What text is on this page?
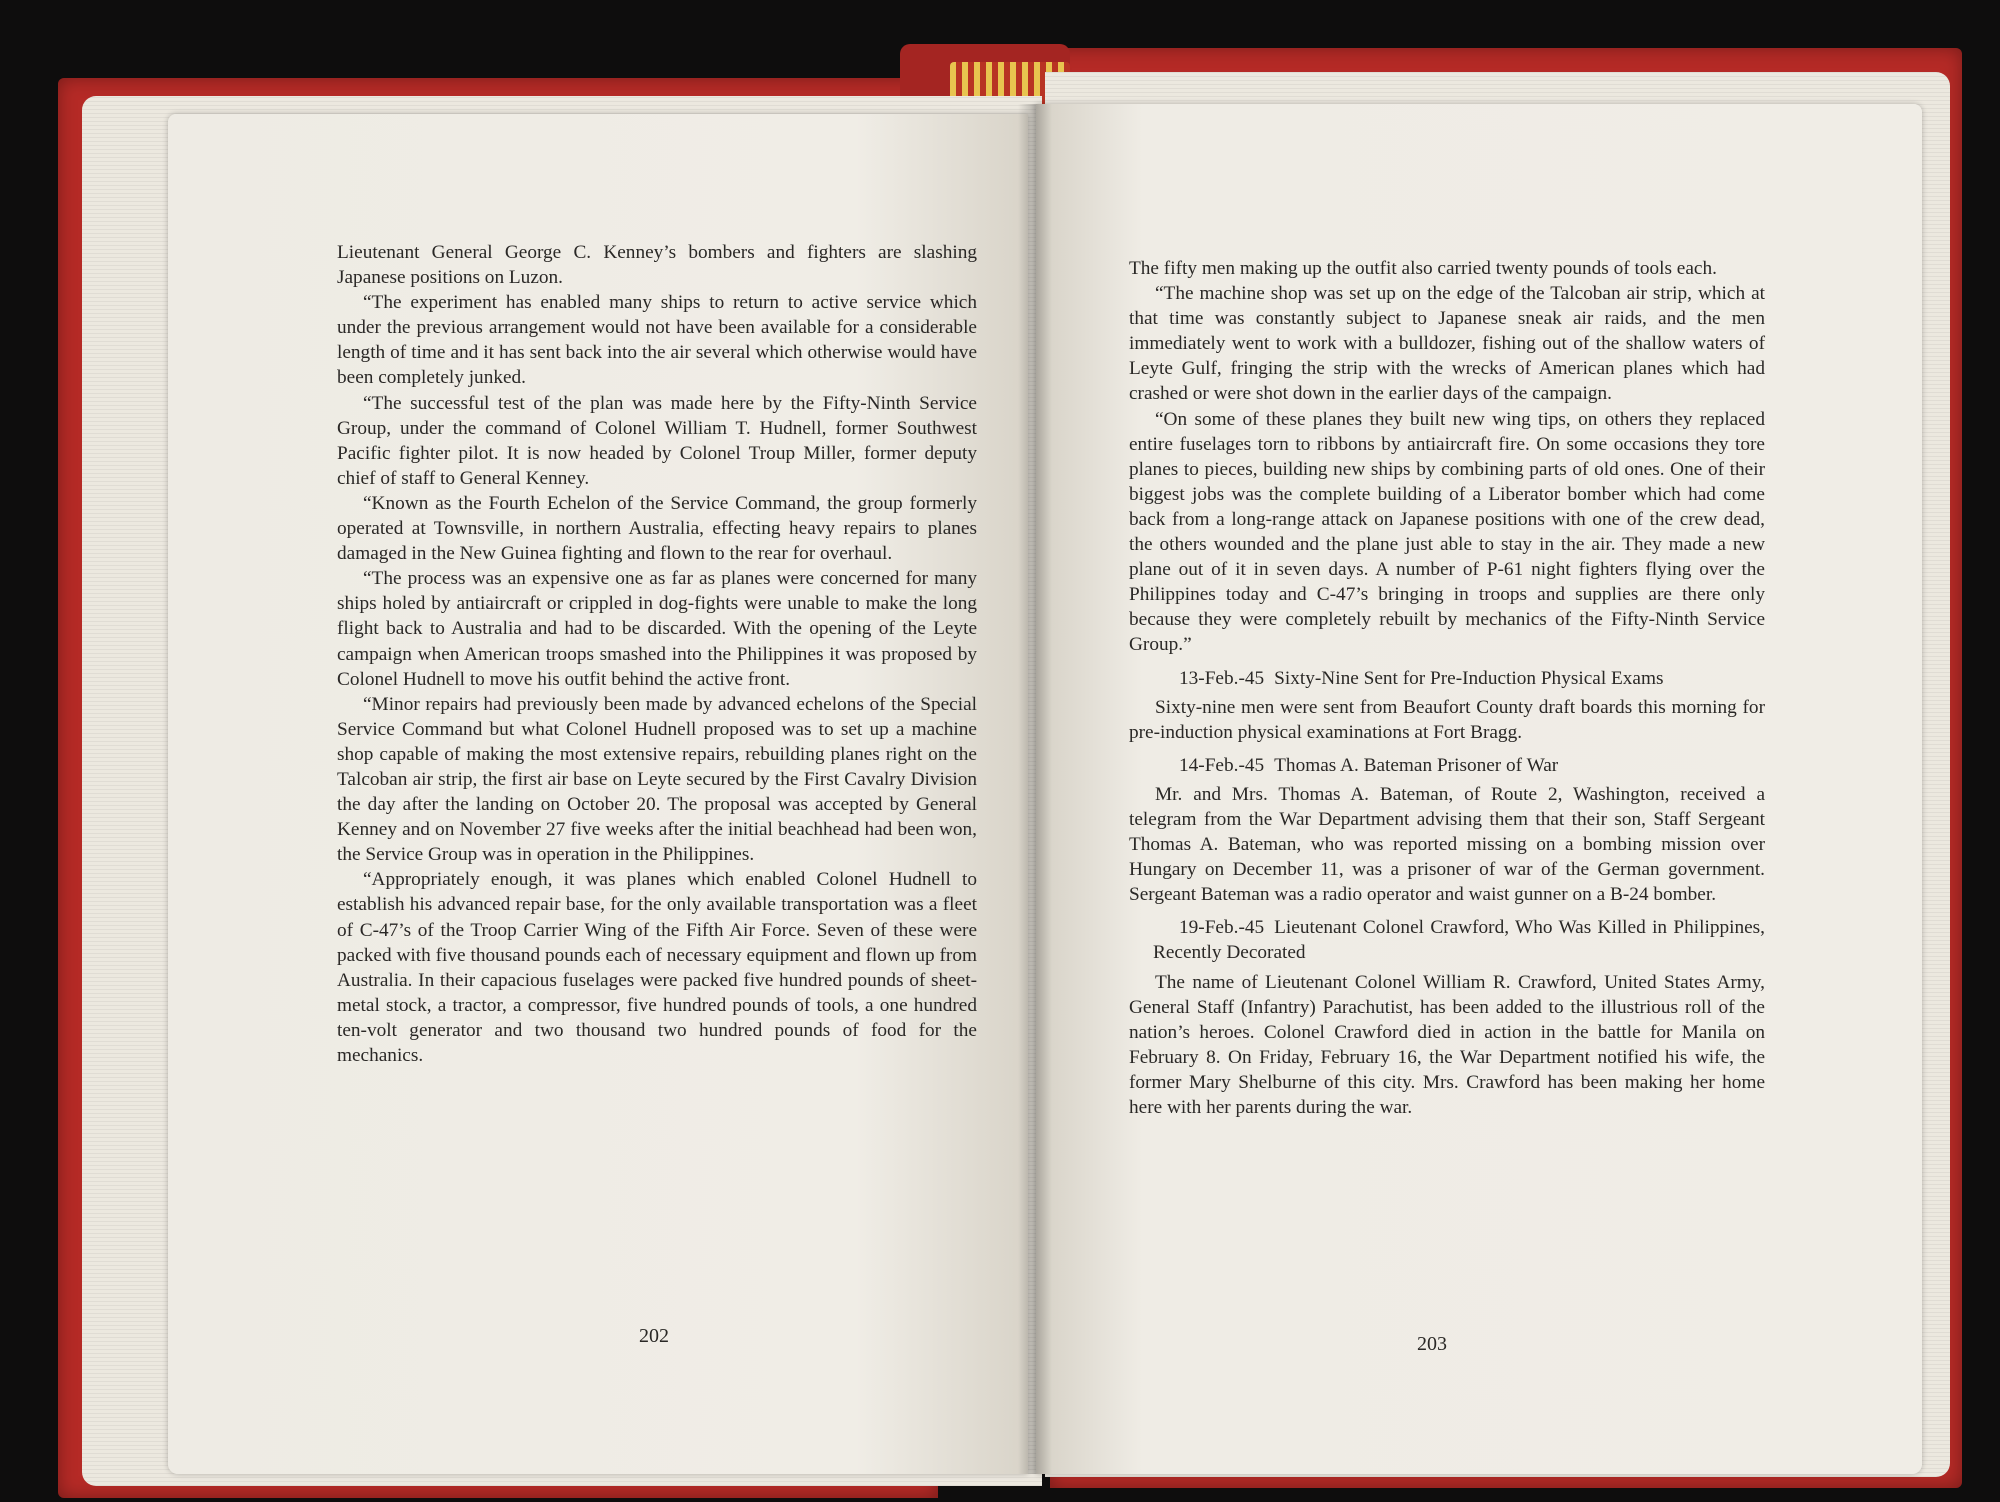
Lieutenant General George C. Kenney’s bombers and fighters are slashing Japanese positions on Luzon.

“The experiment has enabled many ships to return to active service which under the previous arrangement would not have been available for a considerable length of time and it has sent back into the air several which otherwise would have been completely junked.

“The successful test of the plan was made here by the Fifty-Ninth Service Group, under the command of Colonel William T. Hudnell, former Southwest Pacific fighter pilot. It is now headed by Colonel Troup Miller, former deputy chief of staff to General Kenney.

“Known as the Fourth Echelon of the Service Command, the group formerly operated at Townsville, in northern Australia, effecting heavy repairs to planes damaged in the New Guinea fighting and flown to the rear for overhaul.

“The process was an expensive one as far as planes were concerned for many ships holed by antiaircraft or crippled in dog-fights were unable to make the long flight back to Australia and had to be discarded. With the opening of the Leyte campaign when American troops smashed into the Philippines it was proposed by Colonel Hudnell to move his outfit behind the active front.

“Minor repairs had previously been made by advanced echelons of the Special Service Command but what Colonel Hudnell proposed was to set up a machine shop capable of making the most extensive repairs, rebuilding planes right on the Talcoban air strip, the first air base on Leyte secured by the First Cavalry Division the day after the landing on October 20. The proposal was accepted by General Kenney and on November 27 five weeks after the initial beachhead had been won, the Service Group was in operation in the Philippines.

“Appropriately enough, it was planes which enabled Colonel Hudnell to establish his advanced repair base, for the only available transportation was a fleet of C-47’s of the Troop Carrier Wing of the Fifth Air Force. Seven of these were packed with five thousand pounds each of necessary equipment and flown up from Australia. In their capacious fuselages were packed five hundred pounds of sheet-metal stock, a tractor, a compressor, five hundred pounds of tools, a one hundred ten-volt generator and two thousand two hundred pounds of food for the mechanics.

202

The fifty men making up the outfit also carried twenty pounds of tools each.

“The machine shop was set up on the edge of the Talcoban air strip, which at that time was constantly subject to Japanese sneak air raids, and the men immediately went to work with a bulldozer, fishing out of the shallow waters of Leyte Gulf, fringing the strip with the wrecks of American planes which had crashed or were shot down in the earlier days of the campaign.

“On some of these planes they built new wing tips, on others they replaced entire fuselages torn to ribbons by antiaircraft fire. On some occasions they tore planes to pieces, building new ships by combining parts of old ones. One of their biggest jobs was the complete building of a Liberator bomber which had come back from a long-range attack on Japanese positions with one of the crew dead, the others wounded and the plane just able to stay in the air. They made a new plane out of it in seven days. A number of P-61 night fighters flying over the Philippines today and C-47’s bringing in troops and supplies are there only because they were completely rebuilt by mechanics of the Fifty-Ninth Service Group.”

13-Feb.-45 Sixty-Nine Sent for Pre-Induction Physical Exams

Sixty-nine men were sent from Beaufort County draft boards this morning for pre-induction physical examinations at Fort Bragg.

14-Feb.-45 Thomas A. Bateman Prisoner of War

Mr. and Mrs. Thomas A. Bateman, of Route 2, Washington, received a telegram from the War Department advising them that their son, Staff Sergeant Thomas A. Bateman, who was reported missing on a bombing mission over Hungary on December 11, was a prisoner of war of the German government. Sergeant Bateman was a radio operator and waist gunner on a B-24 bomber.

19-Feb.-45 Lieutenant Colonel Crawford, Who Was Killed in Philippines, Recently Decorated

The name of Lieutenant Colonel William R. Crawford, United States Army, General Staff (Infantry) Parachutist, has been added to the illustrious roll of the nation’s heroes. Colonel Crawford died in action in the battle for Manila on February 8. On Friday, February 16, the War Department notified his wife, the former Mary Shelburne of this city. Mrs. Crawford has been making her home here with her parents during the war.

203
